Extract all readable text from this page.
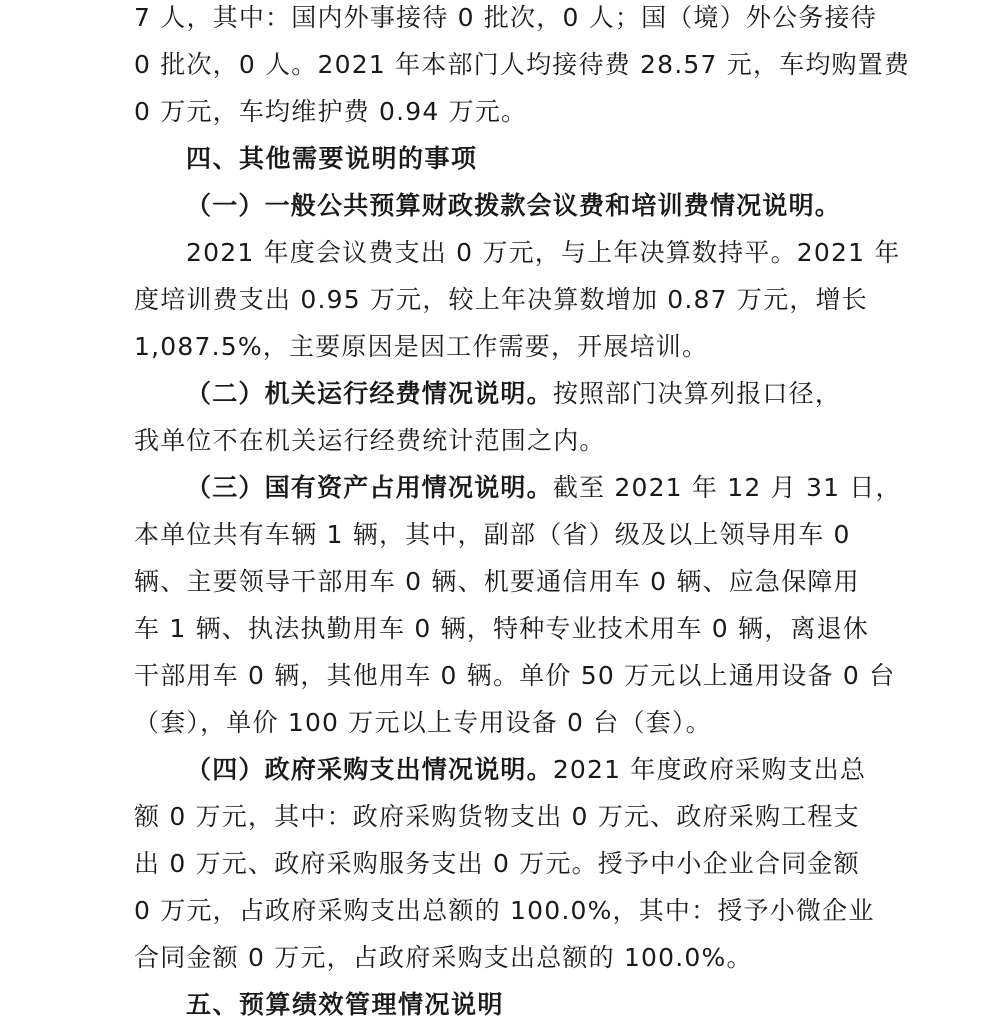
7 人，其中：国内外事接待 0 批次，0 人；国（境）外公务接待
0 批次，0 人。2021 年本部门人均接待费 28.57 元，车均购置费
0 万元，车均维护费 0.94 万元。
四、其他需要说明的事项
（一）一般公共预算财政拨款会议费和培训费情况说明。
2021 年度会议费支出 0 万元，与上年决算数持平。2021 年
度培训费支出 0.95 万元，较上年决算数增加 0.87 万元，增长
1,087.5%，主要原因是因工作需要，开展培训。
（二）机关运行经费情况说明。按照部门决算列报口径，
我单位不在机关运行经费统计范围之内。
（三）国有资产占用情况说明。截至 2021 年 12 月 31 日，
本单位共有车辆 1 辆，其中，副部（省）级及以上领导用车 0
辆、主要领导干部用车 0 辆、机要通信用车 0 辆、应急保障用
车 1 辆、执法执勤用车 0 辆，特种专业技术用车 0 辆，离退休
干部用车 0 辆，其他用车 0 辆。单价 50 万元以上通用设备 0 台
（套），单价 100 万元以上专用设备 0 台（套）。
（四）政府采购支出情况说明。2021 年度政府采购支出总
额 0 万元，其中：政府采购货物支出 0 万元、政府采购工程支
出 0 万元、政府采购服务支出 0 万元。授予中小企业合同金额
0 万元，占政府采购支出总额的 100.0%，其中：授予小微企业
合同金额 0 万元，占政府采购支出总额的 100.0%。
五、预算绩效管理情况说明
